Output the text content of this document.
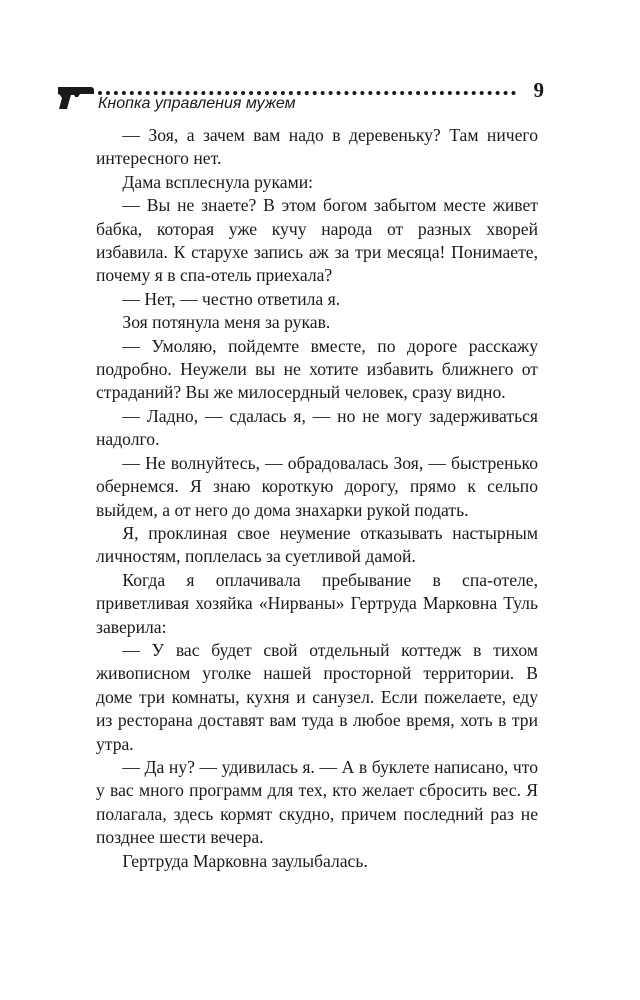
Кнопка управления мужем
9

— Зоя, а зачем вам надо в деревеньку? Там ничего интересного нет.

Дама всплеснула руками:

— Вы не знаете? В этом богом забытом месте живет бабка, которая уже кучу народа от разных хворей избавила. К старухе запись аж за три месяца! Понимаете, почему я в спа-отель приехала?

— Нет, — честно ответила я.

Зоя потянула меня за рукав.

— Умоляю, пойдемте вместе, по дороге расскажу подробно. Неужели вы не хотите избавить ближнего от страданий? Вы же милосердный человек, сразу видно.

— Ладно, — сдалась я, — но не могу задерживаться надолго.

— Не волнуйтесь, — обрадовалась Зоя, — быстренько обернемся. Я знаю короткую дорогу, прямо к сельпо выйдем, а от него до дома знахарки рукой подать.

Я, проклиная свое неумение отказывать настырным личностям, поплелась за суетливой дамой.

Когда я оплачивала пребывание в спа-отеле, приветливая хозяйка «Нирваны» Гертруда Марковна Туль заверила:

— У вас будет свой отдельный коттедж в тихом живописном уголке нашей просторной территории. В доме три комнаты, кухня и санузел. Если пожелаете, еду из ресторана доставят вам туда в любое время, хоть в три утра.

— Да ну? — удивилась я. — А в буклете написано, что у вас много программ для тех, кто желает сбросить вес. Я полагала, здесь кормят скудно, причем последний раз не позднее шести вечера.

Гертруда Марковна заулыбалась.
